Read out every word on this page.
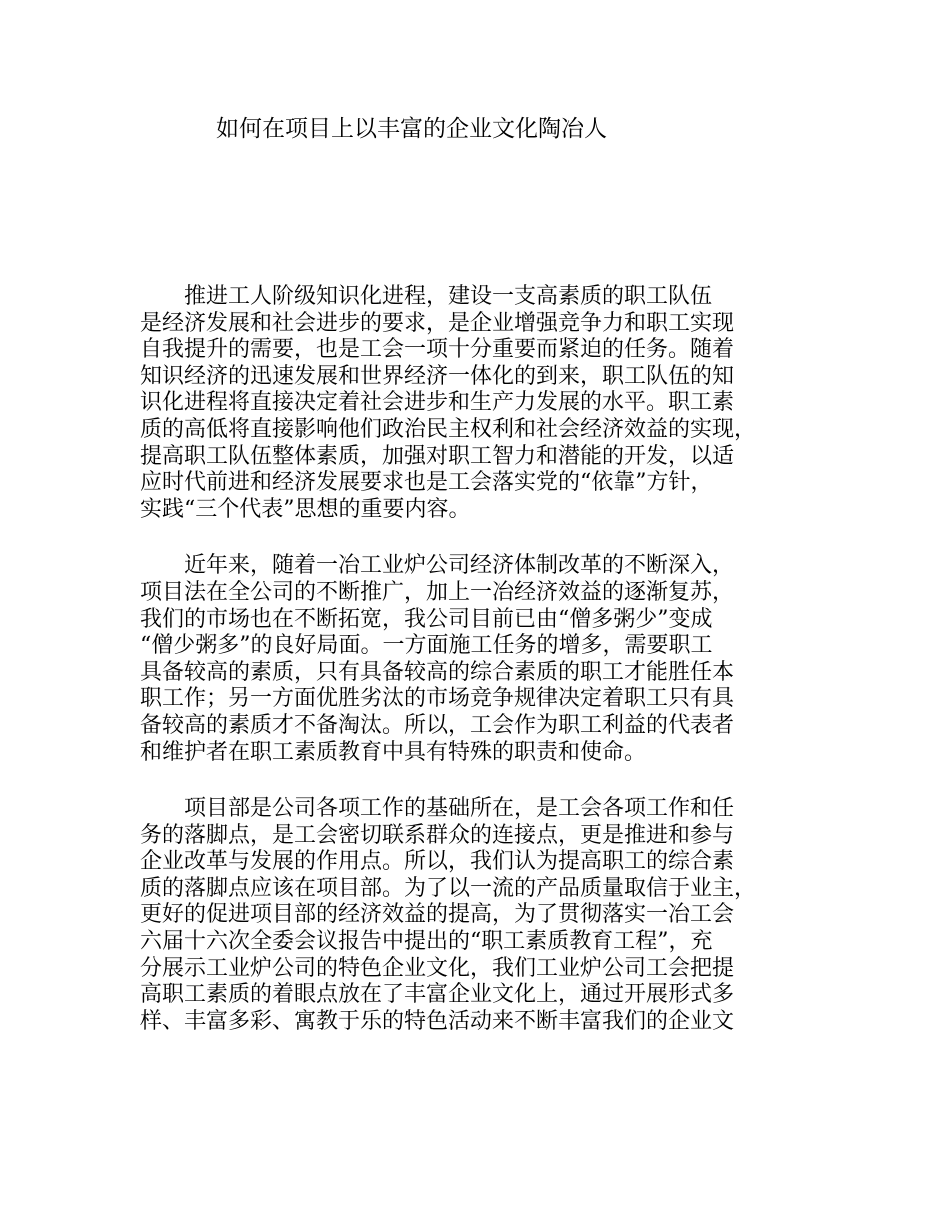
如何在项目上以丰富的企业文化陶冶人
　　推进工人阶级知识化进程，建设一支高素质的职工队伍
是经济发展和社会进步的要求，是企业增强竞争力和职工实现
自我提升的需要，也是工会一项十分重要而紧迫的任务。随着
知识经济的迅速发展和世界经济一体化的到来，职工队伍的知
识化进程将直接决定着社会进步和生产力发展的水平。职工素
质的高低将直接影响他们政治民主权利和社会经济效益的实现，
提高职工队伍整体素质，加强对职工智力和潜能的开发，以适
应时代前进和经济发展要求也是工会落实党的“依靠”方针，
实践“三个代表”思想的重要内容。
　　近年来，随着一冶工业炉公司经济体制改革的不断深入，
项目法在全公司的不断推广，加上一冶经济效益的逐渐复苏，
我们的市场也在不断拓宽，我公司目前已由“僧多粥少”变成
“僧少粥多”的良好局面。一方面施工任务的增多，需要职工
具备较高的素质，只有具备较高的综合素质的职工才能胜任本
职工作；另一方面优胜劣汰的市场竞争规律决定着职工只有具
备较高的素质才不备淘汰。所以，工会作为职工利益的代表者
和维护者在职工素质教育中具有特殊的职责和使命。
　　项目部是公司各项工作的基础所在，是工会各项工作和任
务的落脚点，是工会密切联系群众的连接点，更是推进和参与
企业改革与发展的作用点。所以，我们认为提高职工的综合素
质的落脚点应该在项目部。为了以一流的产品质量取信于业主，
更好的促进项目部的经济效益的提高，为了贯彻落实一冶工会
六届十六次全委会议报告中提出的“职工素质教育工程”，充
分展示工业炉公司的特色企业文化，我们工业炉公司工会把提
高职工素质的着眼点放在了丰富企业文化上，通过开展形式多
样、丰富多彩、寓教于乐的特色活动来不断丰富我们的企业文
